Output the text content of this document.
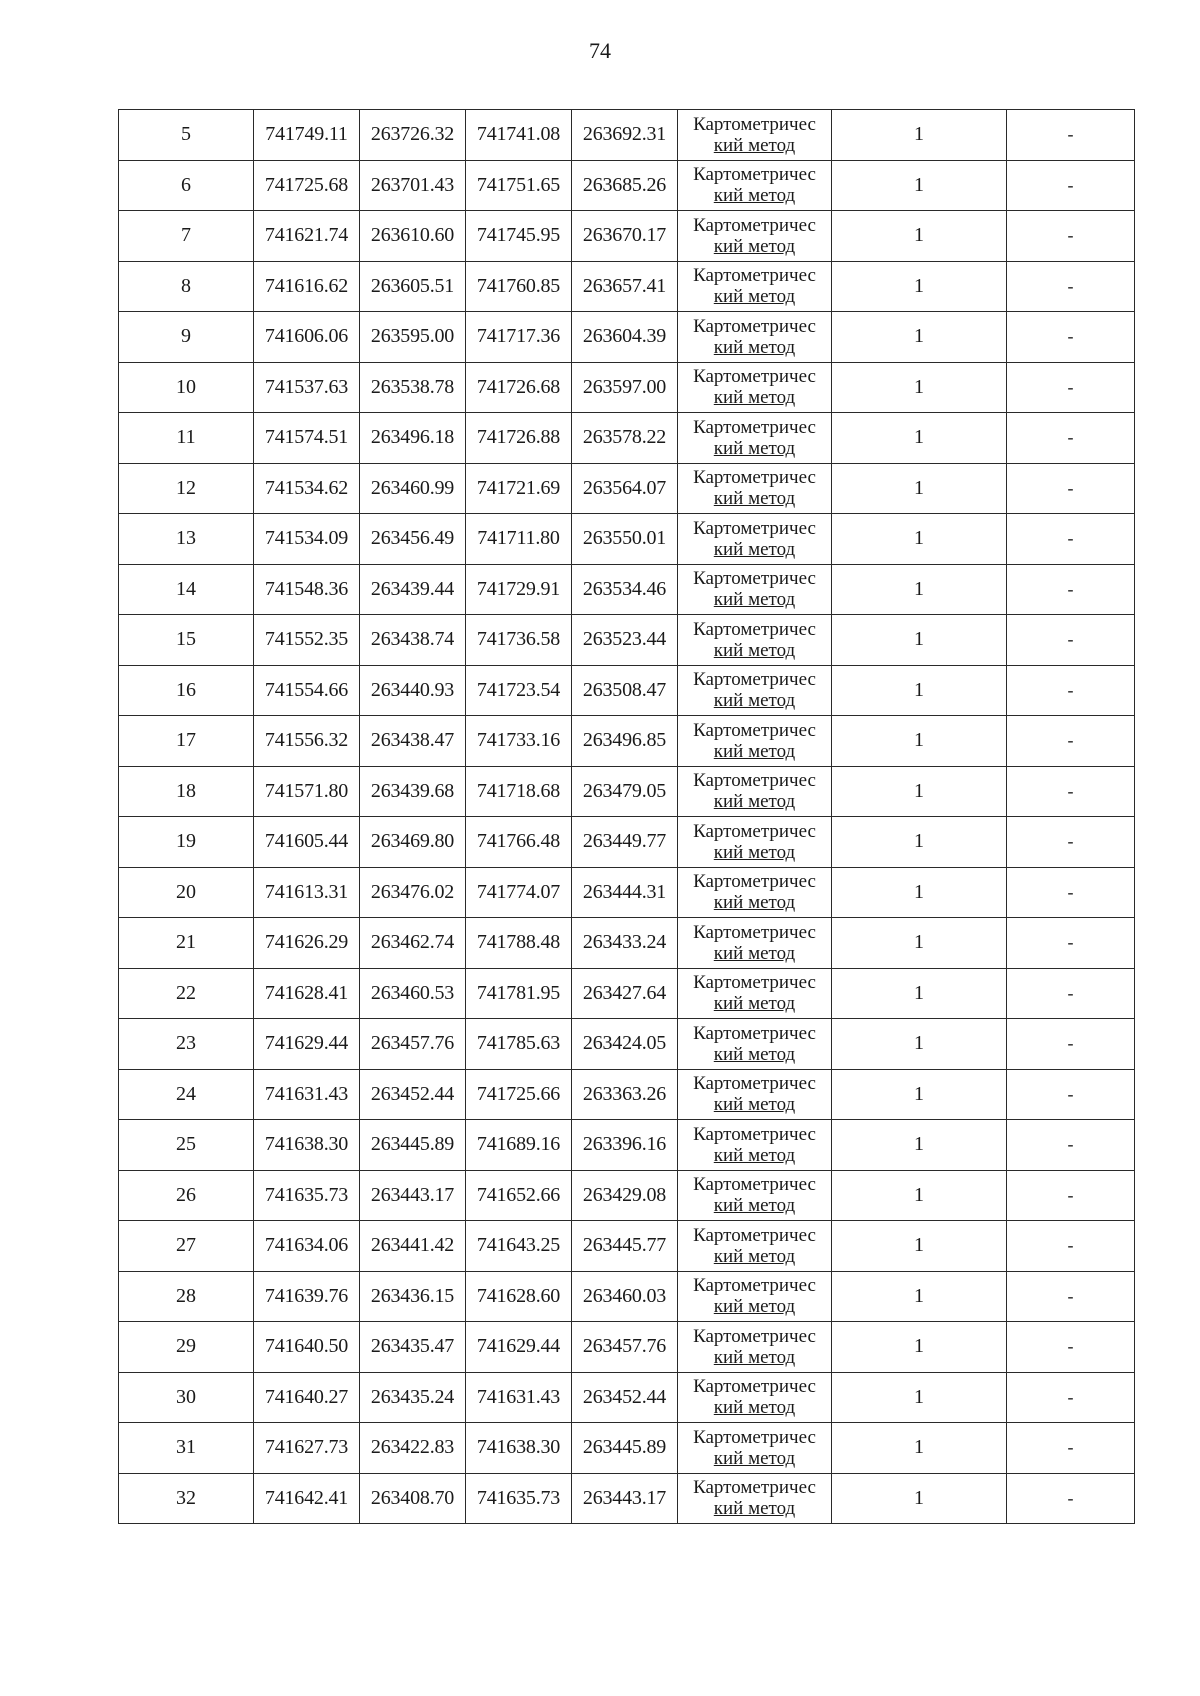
74
5	741749.11	263726.32	741741.08	263692.31	Картометричес
кий метод	1	-
6	741725.68	263701.43	741751.65	263685.26	Картометричес
кий метод	1	-
7	741621.74	263610.60	741745.95	263670.17	Картометричес
кий метод	1	-
8	741616.62	263605.51	741760.85	263657.41	Картометричес
кий метод	1	-
9	741606.06	263595.00	741717.36	263604.39	Картометричес
кий метод	1	-
10	741537.63	263538.78	741726.68	263597.00	Картометричес
кий метод	1	-
11	741574.51	263496.18	741726.88	263578.22	Картометричес
кий метод	1	-
12	741534.62	263460.99	741721.69	263564.07	Картометричес
кий метод	1	-
13	741534.09	263456.49	741711.80	263550.01	Картометричес
кий метод	1	-
14	741548.36	263439.44	741729.91	263534.46	Картометричес
кий метод	1	-
15	741552.35	263438.74	741736.58	263523.44	Картометричес
кий метод	1	-
16	741554.66	263440.93	741723.54	263508.47	Картометричес
кий метод	1	-
17	741556.32	263438.47	741733.16	263496.85	Картометричес
кий метод	1	-
18	741571.80	263439.68	741718.68	263479.05	Картометричес
кий метод	1	-
19	741605.44	263469.80	741766.48	263449.77	Картометричес
кий метод	1	-
20	741613.31	263476.02	741774.07	263444.31	Картометричес
кий метод	1	-
21	741626.29	263462.74	741788.48	263433.24	Картометричес
кий метод	1	-
22	741628.41	263460.53	741781.95	263427.64	Картометричес
кий метод	1	-
23	741629.44	263457.76	741785.63	263424.05	Картометричес
кий метод	1	-
24	741631.43	263452.44	741725.66	263363.26	Картометричес
кий метод	1	-
25	741638.30	263445.89	741689.16	263396.16	Картометричес
кий метод	1	-
26	741635.73	263443.17	741652.66	263429.08	Картометричес
кий метод	1	-
27	741634.06	263441.42	741643.25	263445.77	Картометричес
кий метод	1	-
28	741639.76	263436.15	741628.60	263460.03	Картометричес
кий метод	1	-
29	741640.50	263435.47	741629.44	263457.76	Картометричес
кий метод	1	-
30	741640.27	263435.24	741631.43	263452.44	Картометричес
кий метод	1	-
31	741627.73	263422.83	741638.30	263445.89	Картометричес
кий метод	1	-
32	741642.41	263408.70	741635.73	263443.17	Картометричес
кий метод	1	-
